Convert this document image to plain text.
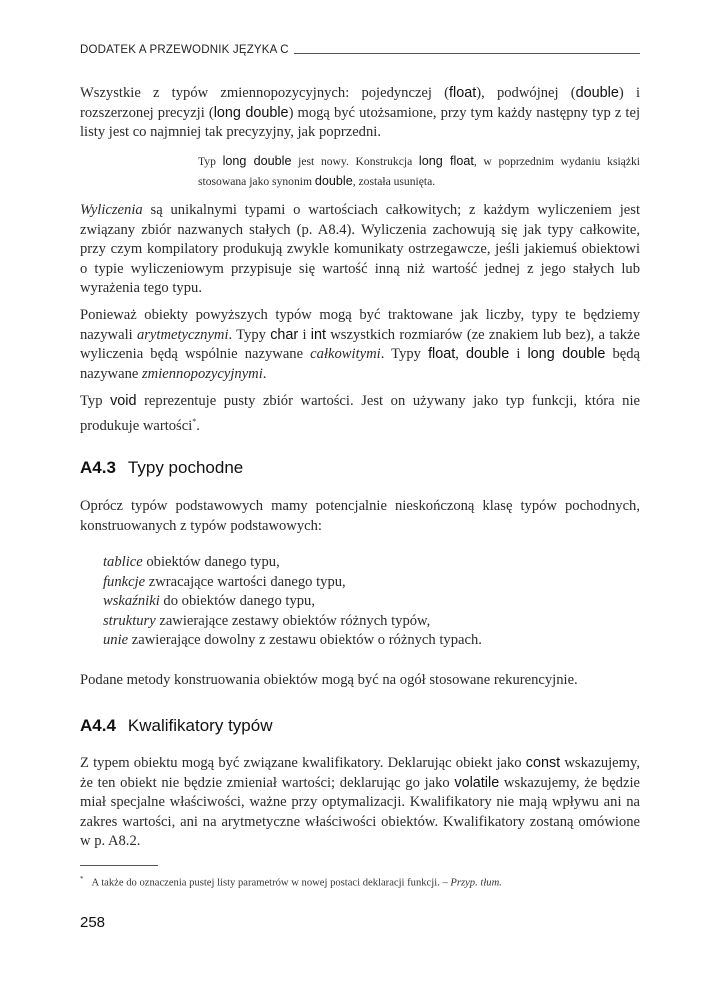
DODATEK A PRZEWODNIK JĘZYKA C
Wszystkie z typów zmiennopozycyjnych: pojedynczej (float), podwójnej (double) i rozszerzonej precyzji (long double) mogą być utożsamione, przy tym każdy następny typ z tej listy jest co najmniej tak precyzyjny, jak poprzedni.
Typ long double jest nowy. Konstrukcja long float, w poprzednim wydaniu książki stosowana jako synonim double, została usunięta.
Wyliczenia są unikalnymi typami o wartościach całkowitych; z każdym wyliczeniem jest związany zbiór nazwanych stałych (p. A8.4). Wyliczenia zachowują się jak typy całkowite, przy czym kompilatory produkują zwykle komunikaty ostrzegawcze, jeśli jakiemuś obiektowi o typie wyliczeniowym przypisuje się wartość inną niż wartość jednej z jego stałych lub wyrażenia tego typu.
Ponieważ obiekty powyższych typów mogą być traktowane jak liczby, typy te będziemy nazywali arytmetycznymi. Typy char i int wszystkich rozmiarów (ze znakiem lub bez), a także wyliczenia będą wspólnie nazywane całkowitymi. Typy float, double i long double będą nazywane zmiennopozycyjnymi.
Typ void reprezentuje pusty zbiór wartości. Jest on używany jako typ funkcji, która nie produkuje wartości*.
A4.3 Typy pochodne
Oprócz typów podstawowych mamy potencjalnie nieskończoną klasę typów pochodnych, konstruowanych z typów podstawowych:
tablice obiektów danego typu,
funkcje zwracające wartości danego typu,
wskaźniki do obiektów danego typu,
struktury zawierające zestawy obiektów różnych typów,
unie zawierające dowolny z zestawu obiektów o różnych typach.
Podane metody konstruowania obiektów mogą być na ogół stosowane rekurencyjnie.
A4.4 Kwalifikatory typów
Z typem obiektu mogą być związane kwalifikatory. Deklarując obiekt jako const wskazujemy, że ten obiekt nie będzie zmieniał wartości; deklarując go jako volatile wskazujemy, że będzie miał specjalne właściwości, ważne przy optymalizacji. Kwalifikatory nie mają wpływu ani na zakres wartości, ani na arytmetyczne właściwości obiektów. Kwalifikatory zostaną omówione w p. A8.2.
* A także do oznaczenia pustej listy parametrów w nowej postaci deklaracji funkcji. – Przyp. tłum.
258
